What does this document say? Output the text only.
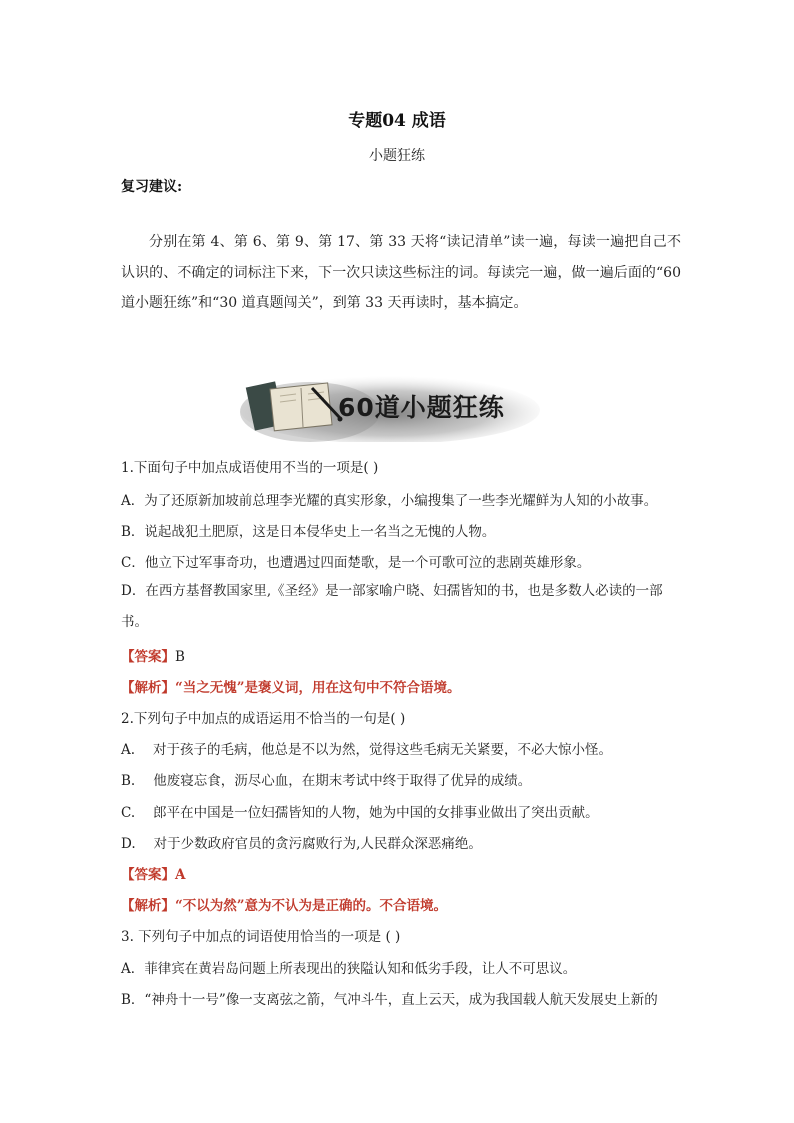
专题04 成语
小题狂练
复习建议:
分别在第 4、第 6、第 9、第 17、第 33 天将“读记清单”读一遍，每读一遍把自己不认识的、不确定的词标注下来，下一次只读这些标注的词。每读完一遍，做一遍后面的“60 道小题狂练”和“30 道真题闯关”，到第 33 天再读时，基本搞定。
60道小题狂练
1.下面句子中加点成语使用不当的一项是( )
A．为了还原新加坡前总理李光耀的真实形象，小编搜集了一些李光耀鲜为人知的小故事。
B．说起战犯土肥原，这是日本侵华史上一名当之无愧的人物。
C．他立下过军事奇功，也遭遇过四面楚歌，是一个可歌可泣的悲剧英雄形象。
D．在西方基督教国家里,《圣经》是一部家喻户晓、妇孺皆知的书，也是多数人必读的一部书。
【答案】B
【解析】“当之无愧”是褒义词，用在这句中不符合语境。
2.下列句子中加点的成语运用不恰当的一句是( )
A. 对于孩子的毛病，他总是不以为然，觉得这些毛病无关紧要，不必大惊小怪。
B. 他废寝忘食，沥尽心血，在期末考试中终于取得了优异的成绩。
C. 郎平在中国是一位妇孺皆知的人物，她为中国的女排事业做出了突出贡献。
D. 对于少数政府官员的贪污腐败行为,人民群众深恶痛绝。
【答案】A
【解析】“不以为然”意为不认为是正确的。不合语境。
3. 下列句子中加点的词语使用恰当的一项是 ( )
A．菲律宾在黄岩岛问题上所表现出的狭隘认知和低劣手段，让人不可思议。
B．“神舟十一号”像一支离弦之箭，气冲斗牛，直上云天，成为我国载人航天发展史上新的
